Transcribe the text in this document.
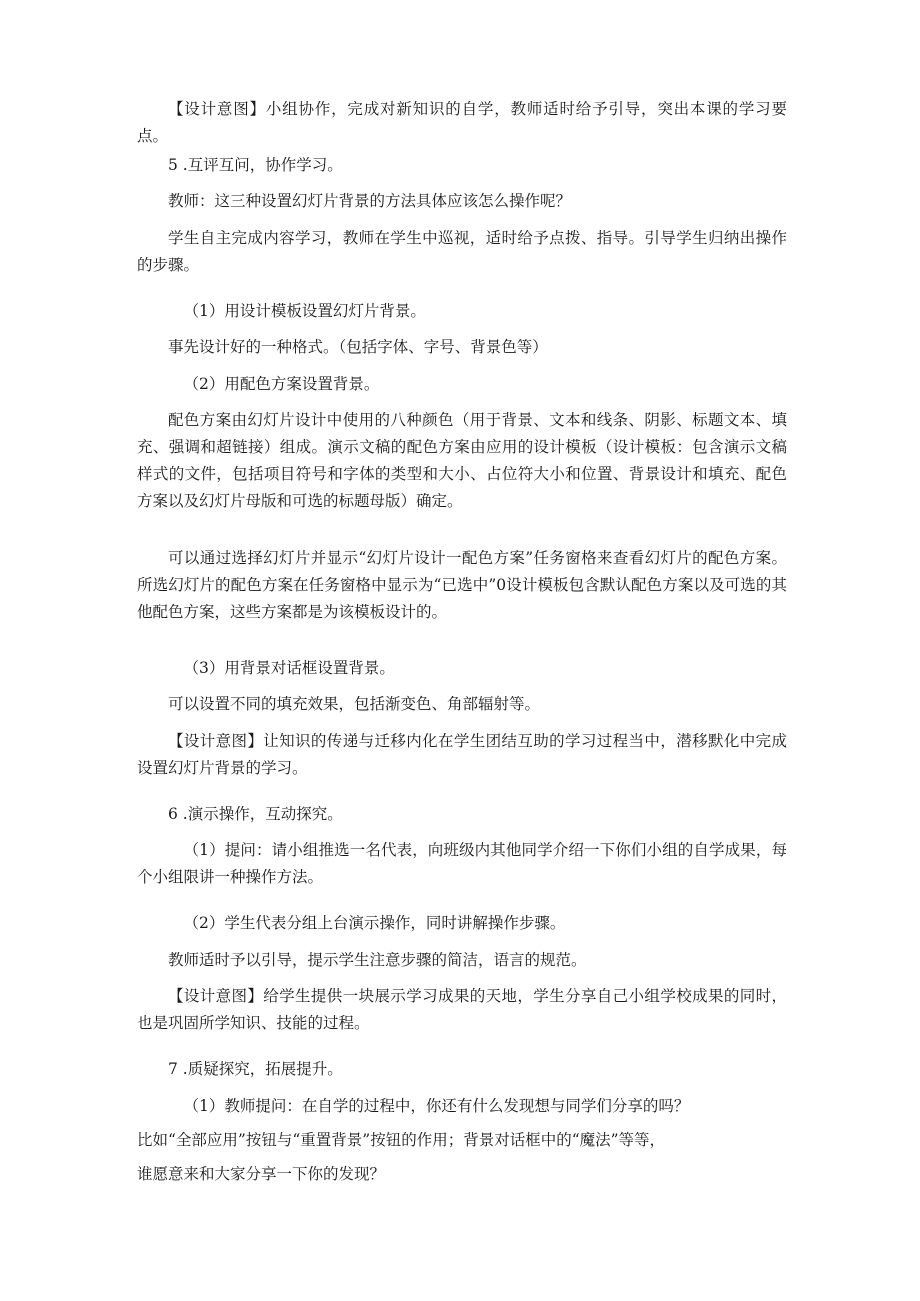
【设计意图】小组协作，完成对新知识的自学，教师适时给予引导，突出本课的学习要点。

5 .互评互问，协作学习。

教师：这三种设置幻灯片背景的方法具体应该怎么操作呢？

学生自主完成内容学习，教师在学生中巡视，适时给予点拨、指导。引导学生归纳出操作的步骤。

（1）用设计模板设置幻灯片背景。

事先设计好的一种格式。（包括字体、字号、背景色等）

（2）用配色方案设置背景。

配色方案由幻灯片设计中使用的八种颜色（用于背景、文本和线条、阴影、标题文本、填充、强调和超链接）组成。演示文稿的配色方案由应用的设计模板（设计模板：包含演示文稿样式的文件，包括项目符号和字体的类型和大小、占位符大小和位置、背景设计和填充、配色方案以及幻灯片母版和可选的标题母版）确定。

可以通过选择幻灯片并显示“幻灯片设计一配色方案”任务窗格来查看幻灯片的配色方案。所选幻灯片的配色方案在任务窗格中显示为“已选中”0设计模板包含默认配色方案以及可选的其他配色方案，这些方案都是为该模板设计的。

（3）用背景对话框设置背景。

可以设置不同的填充效果，包括渐变色、角部辐射等。

【设计意图】让知识的传递与迁移内化在学生团结互助的学习过程当中，潜移默化中完成设置幻灯片背景的学习。

6 .演示操作，互动探究。

（1）提问：请小组推选一名代表，向班级内其他同学介绍一下你们小组的自学成果，每个小组限讲一种操作方法。

（2）学生代表分组上台演示操作，同时讲解操作步骤。

教师适时予以引导，提示学生注意步骤的简洁，语言的规范。

【设计意图】给学生提供一块展示学习成果的天地，学生分享自己小组学校成果的同时，也是巩固所学知识、技能的过程。

7 .质疑探究，拓展提升。

（1）教师提问：在自学的过程中，你还有什么发现想与同学们分享的吗？

比如“全部应用”按钮与“重置背景”按钮的作用；背景对话框中的“魔法”等等，

谁愿意来和大家分享一下你的发现？
